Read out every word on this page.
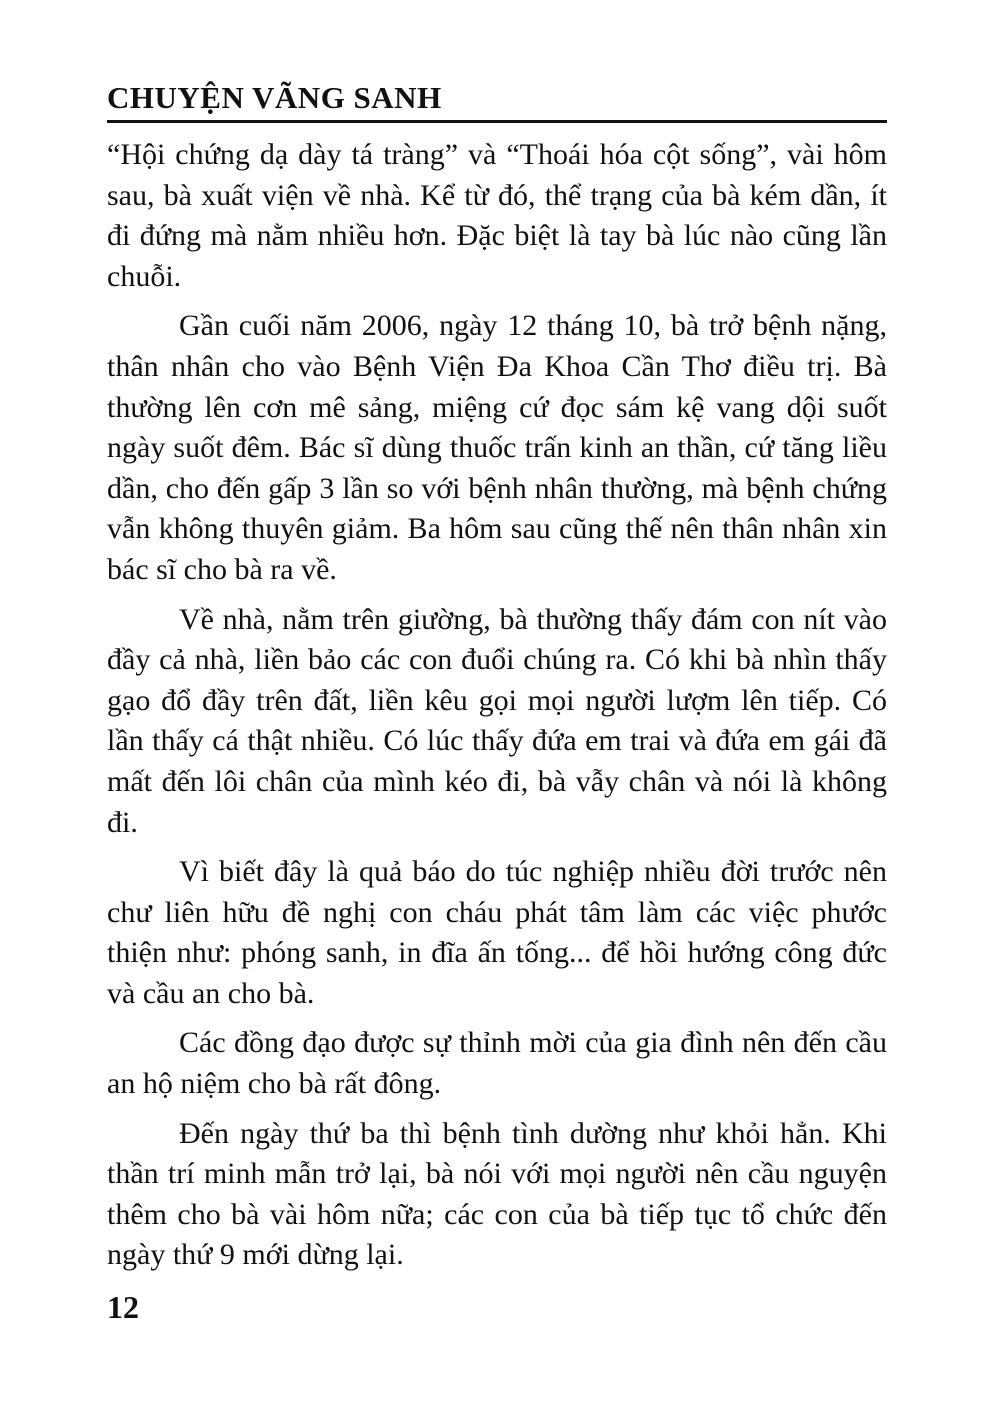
CHUYỆN VÃNG SANH

“Hội chứng dạ dày tá tràng” và “Thoái hóa cột sống”, vài hôm sau, bà xuất viện về nhà. Kể từ đó, thể trạng của bà kém dần, ít đi đứng mà nằm nhiều hơn. Đặc biệt là tay bà lúc nào cũng lần chuỗi.

Gần cuối năm 2006, ngày 12 tháng 10, bà trở bệnh nặng, thân nhân cho vào Bệnh Viện Đa Khoa Cần Thơ điều trị. Bà thường lên cơn mê sảng, miệng cứ đọc sám kệ vang dội suốt ngày suốt đêm. Bác sĩ dùng thuốc trấn kinh an thần, cứ tăng liều dần, cho đến gấp 3 lần so với bệnh nhân thường, mà bệnh chứng vẫn không thuyên giảm. Ba hôm sau cũng thế nên thân nhân xin bác sĩ cho bà ra về.

Về nhà, nằm trên giường, bà thường thấy đám con nít vào đầy cả nhà, liền bảo các con đuổi chúng ra. Có khi bà nhìn thấy gạo đổ đầy trên đất, liền kêu gọi mọi người lượm lên tiếp. Có lần thấy cá thật nhiều. Có lúc thấy đứa em trai và đứa em gái đã mất đến lôi chân của mình kéo đi, bà vẫy chân và nói là không đi.

Vì biết đây là quả báo do túc nghiệp nhiều đời trước nên chư liên hữu đề nghị con cháu phát tâm làm các việc phước thiện như: phóng sanh, in đĩa ấn tống... để hồi hướng công đức và cầu an cho bà.

Các đồng đạo được sự thỉnh mời của gia đình nên đến cầu an hộ niệm cho bà rất đông.

Đến ngày thứ ba thì bệnh tình dường như khỏi hẳn. Khi thần trí minh mẫn trở lại, bà nói với mọi người nên cầu nguyện thêm cho bà vài hôm nữa; các con của bà tiếp tục tổ chức đến ngày thứ 9 mới dừng lại.

12
